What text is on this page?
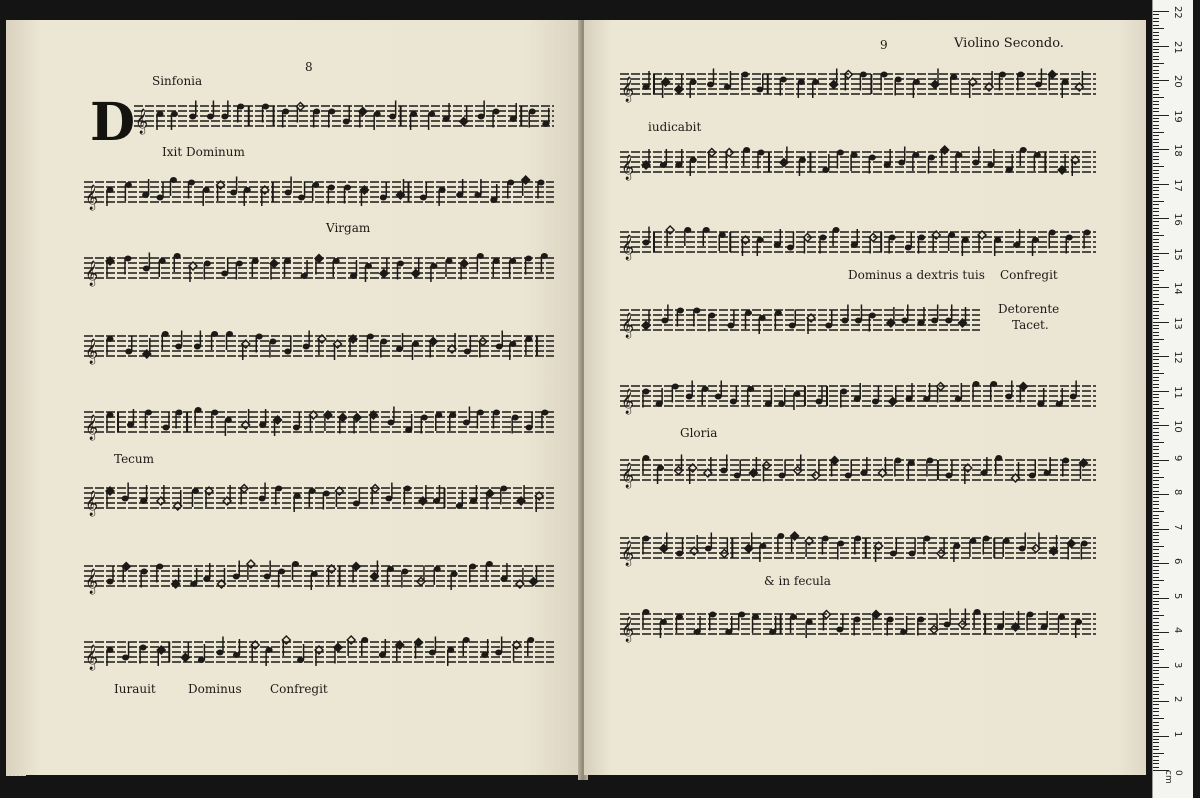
8
Sinfonia
D 𝄞
Ixit Dominum
𝄞
Virgam
𝄞
𝄞
𝄞
Tecum
𝄞
𝄞
𝄞
Iurauit	Dominus Confregit
9	Violino Secondo.
𝄞
iudicabit
𝄞
𝄞
Dominus a dextris tuis Confregit
𝄞
Detorente
Tacet.
𝄞
Gloria
𝄞
𝄞
& in fecula
𝄞
1
2
3
4
5
6
7
8
9
10
11
12
13
14
15
16
17
18
19
20
21
22
0 cm
